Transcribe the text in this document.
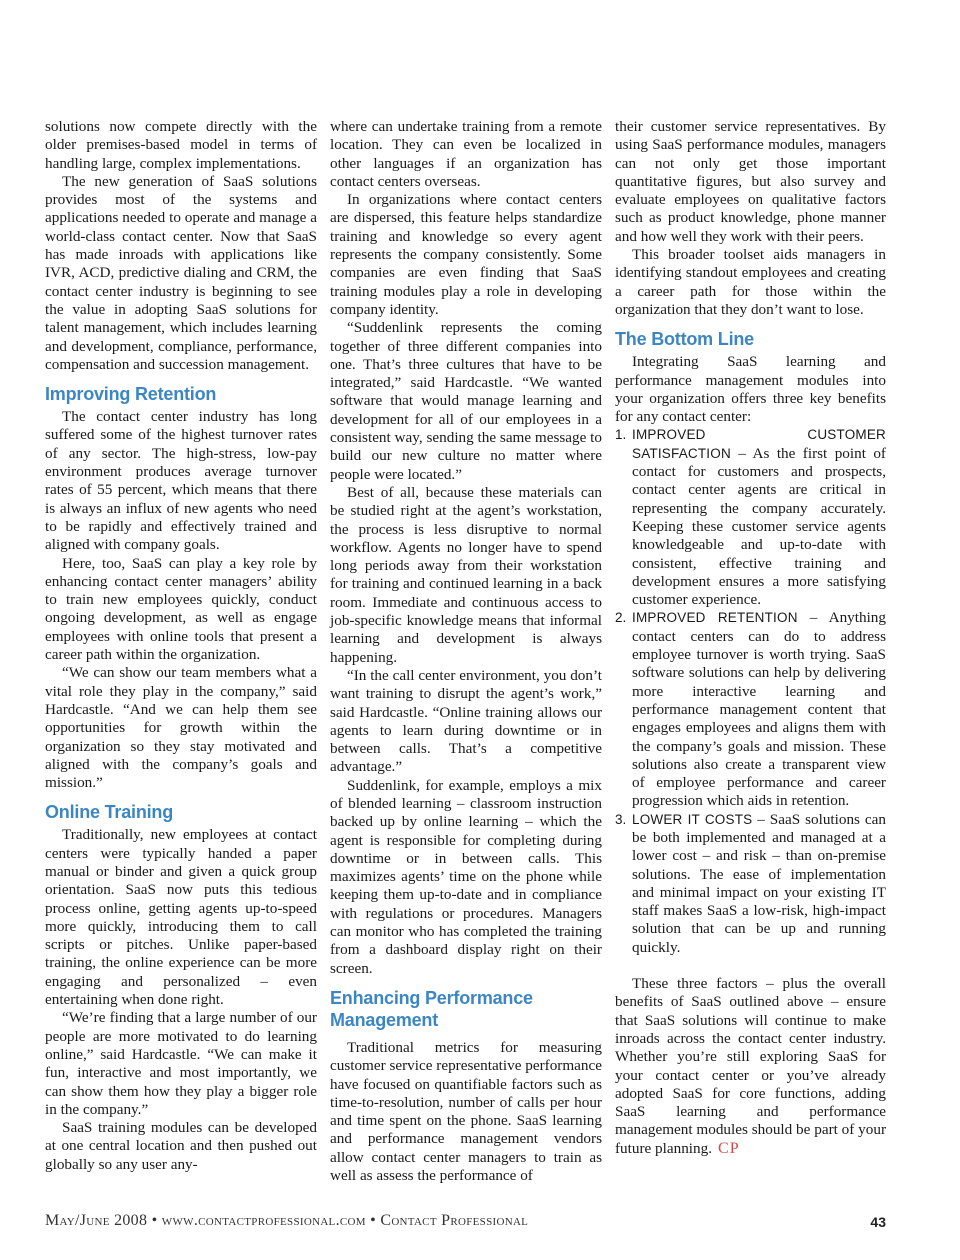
solutions now compete directly with the older premises-based model in terms of handling large, complex implementations.

The new generation of SaaS solutions provides most of the systems and applications needed to operate and manage a world-class contact center. Now that SaaS has made inroads with applications like IVR, ACD, predictive dialing and CRM, the contact center industry is beginning to see the value in adopting SaaS solutions for talent management, which includes learning and development, compliance, performance, compensation and succession management.

Improving Retention

The contact center industry has long suffered some of the highest turnover rates of any sector. The high-stress, low-pay environment produces average turnover rates of 55 percent, which means that there is always an influx of new agents who need to be rapidly and effectively trained and aligned with company goals.

Here, too, SaaS can play a key role by enhancing contact center managers’ ability to train new employees quickly, conduct ongoing development, as well as engage employees with online tools that present a career path within the organization.

“We can show our team members what a vital role they play in the company,” said Hardcastle. “And we can help them see opportunities for growth within the organization so they stay motivated and aligned with the company’s goals and mission.”

Online Training

Traditionally, new employees at contact centers were typically handed a paper manual or binder and given a quick group orientation. SaaS now puts this tedious process online, getting agents up-to-speed more quickly, introducing them to call scripts or pitches. Unlike paper-based training, the online experience can be more engaging and personalized – even entertaining when done right.

“We’re finding that a large number of our people are more motivated to do learning online,” said Hardcastle. “We can make it fun, interactive and most importantly, we can show them how they play a bigger role in the company.”

SaaS training modules can be developed at one central location and then pushed out globally so any user any-

where can undertake training from a remote location. They can even be localized in other languages if an organization has contact centers overseas.

In organizations where contact centers are dispersed, this feature helps standardize training and knowledge so every agent represents the company consistently. Some companies are even finding that SaaS training modules play a role in developing company identity.

“Suddenlink represents the coming together of three different companies into one. That’s three cultures that have to be integrated,” said Hardcastle. “We wanted software that would manage learning and development for all of our employees in a consistent way, sending the same message to build our new culture no matter where people were located.”

Best of all, because these materials can be studied right at the agent’s workstation, the process is less disruptive to normal workflow. Agents no longer have to spend long periods away from their workstation for training and continued learning in a back room. Immediate and continuous access to job-specific knowledge means that informal learning and development is always happening.

“In the call center environment, you don’t want training to disrupt the agent’s work,” said Hardcastle. “Online training allows our agents to learn during downtime or in between calls. That’s a competitive advantage.”

Suddenlink, for example, employs a mix of blended learning – classroom instruction backed up by online learning – which the agent is responsible for completing during downtime or in between calls. This maximizes agents’ time on the phone while keeping them up-to-date and in compliance with regulations or procedures. Managers can monitor who has completed the training from a dashboard display right on their screen.

Enhancing Performance Management

Traditional metrics for measuring customer service representative performance have focused on quantifiable factors such as time-to-resolution, number of calls per hour and time spent on the phone. SaaS learning and performance management vendors allow contact center managers to train as well as assess the performance of

their customer service representatives. By using SaaS performance modules, managers can not only get those important quantitative figures, but also survey and evaluate employees on qualitative factors such as product knowledge, phone manner and how well they work with their peers.

This broader toolset aids managers in identifying standout employees and creating a career path for those within the organization that they don’t want to lose.

The Bottom Line

Integrating SaaS learning and performance management modules into your organization offers three key benefits for any contact center:

1. IMPROVED CUSTOMER SATISFACTION – As the first point of contact for customers and prospects, contact center agents are critical in representing the company accurately. Keeping these customer service agents knowledgeable and up-to-date with consistent, effective training and development ensures a more satisfying customer experience.
2. IMPROVED RETENTION – Anything contact centers can do to address employee turnover is worth trying. SaaS software solutions can help by delivering more interactive learning and performance management content that engages employees and aligns them with the company’s goals and mission. These solutions also create a transparent view of employee performance and career progression which aids in retention.
3. LOWER IT COSTS – SaaS solutions can be both implemented and managed at a lower cost – and risk – than on-premise solutions. The ease of implementation and minimal impact on your existing IT staff makes SaaS a low-risk, high-impact solution that can be up and running quickly.

These three factors – plus the overall benefits of SaaS outlined above – ensure that SaaS solutions will continue to make inroads across the contact center industry. Whether you’re still exploring SaaS for your contact center or you’ve already adopted SaaS for core functions, adding SaaS learning and performance management modules should be part of your future planning. CP

May/June 2008 • www.contactprofessional.com • Contact Professional	43
